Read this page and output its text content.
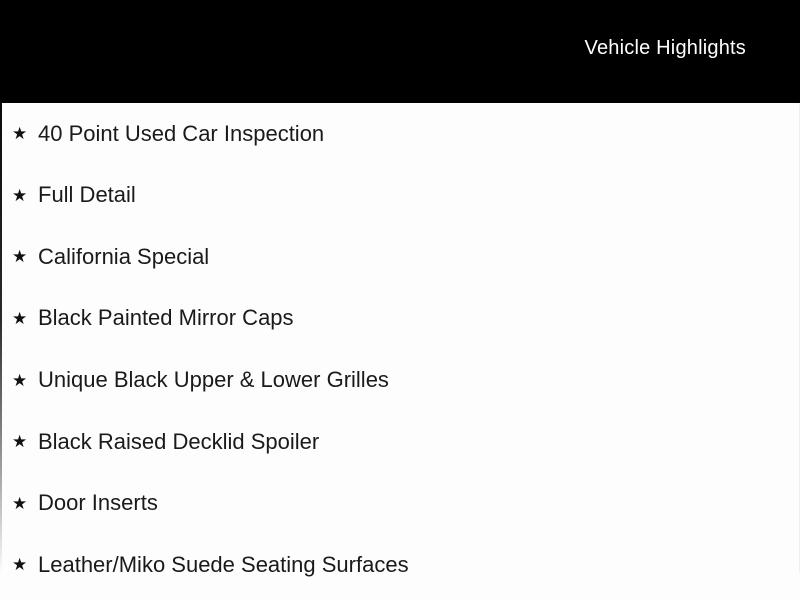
Vehicle Highlights
★ 40 Point Used Car Inspection
★ Full Detail
★ California Special
★ Black Painted Mirror Caps
★ Unique Black Upper & Lower Grilles
★ Black Raised Decklid Spoiler
★ Door Inserts
★ Leather/Miko Suede Seating Surfaces
